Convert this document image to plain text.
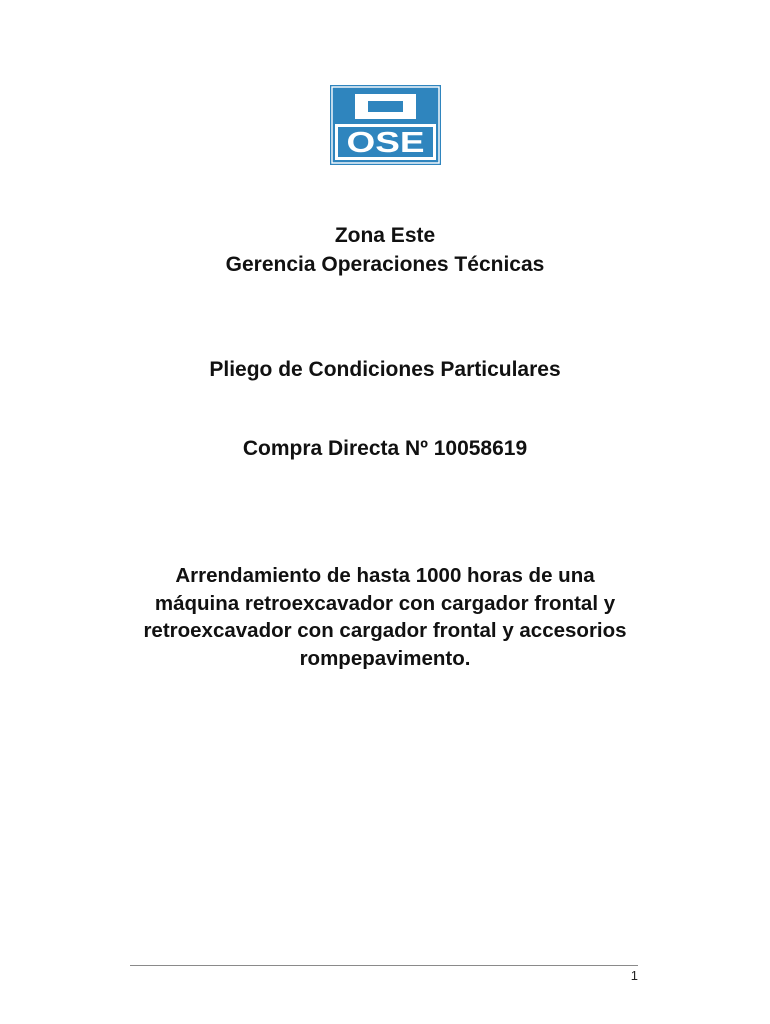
OSE
Zona Este
Gerencia Operaciones Técnicas
Pliego de Condiciones Particulares
Compra Directa Nº 10058619
Arrendamiento de hasta 1000 horas de una
máquina retroexcavador con cargador frontal y
retroexcavador con cargador frontal y accesorios
rompepavimento.
1
